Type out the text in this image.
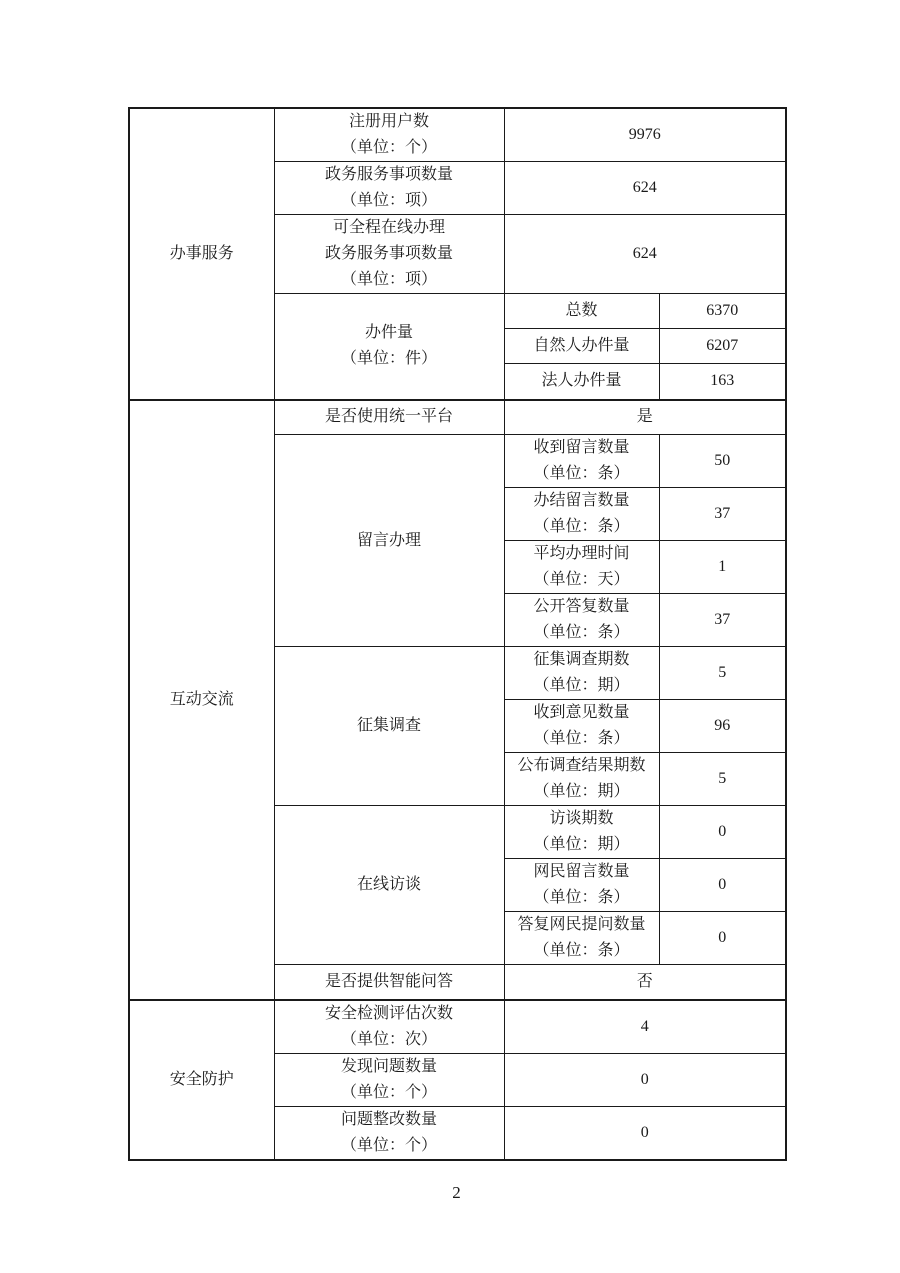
办事服务	注册用户数
（单位：个）	9976	

	政务服务事项数量
（单位：项）	624	

	可全程在线办理
政务服务事项数量
（单位：项）	624	

	办件量
（单位：件）	总数	6370
		自然人办件量	6207
		法人办件量	163
互动交流	是否使用统一平台	是	

	留言办理	收到留言数量
（单位：条）	50

		办结留言数量
（单位：条）	37

		平均办理时间
（单位：天）	1

		公开答复数量
（单位：条）	37

	征集调查	征集调查期数
（单位：期）	5

		收到意见数量
（单位：条）	96

		公布调查结果期数
（单位：期）	5

	在线访谈	访谈期数
（单位：期）	0

		网民留言数量
（单位：条）	0

		答复网民提问数量
（单位：条）	0

	是否提供智能问答	否	
安全防护	安全检测评估次数
（单位：次）	4	

	发现问题数量
（单位：个）	0	

	问题整改数量
（单位：个）	0	
2
